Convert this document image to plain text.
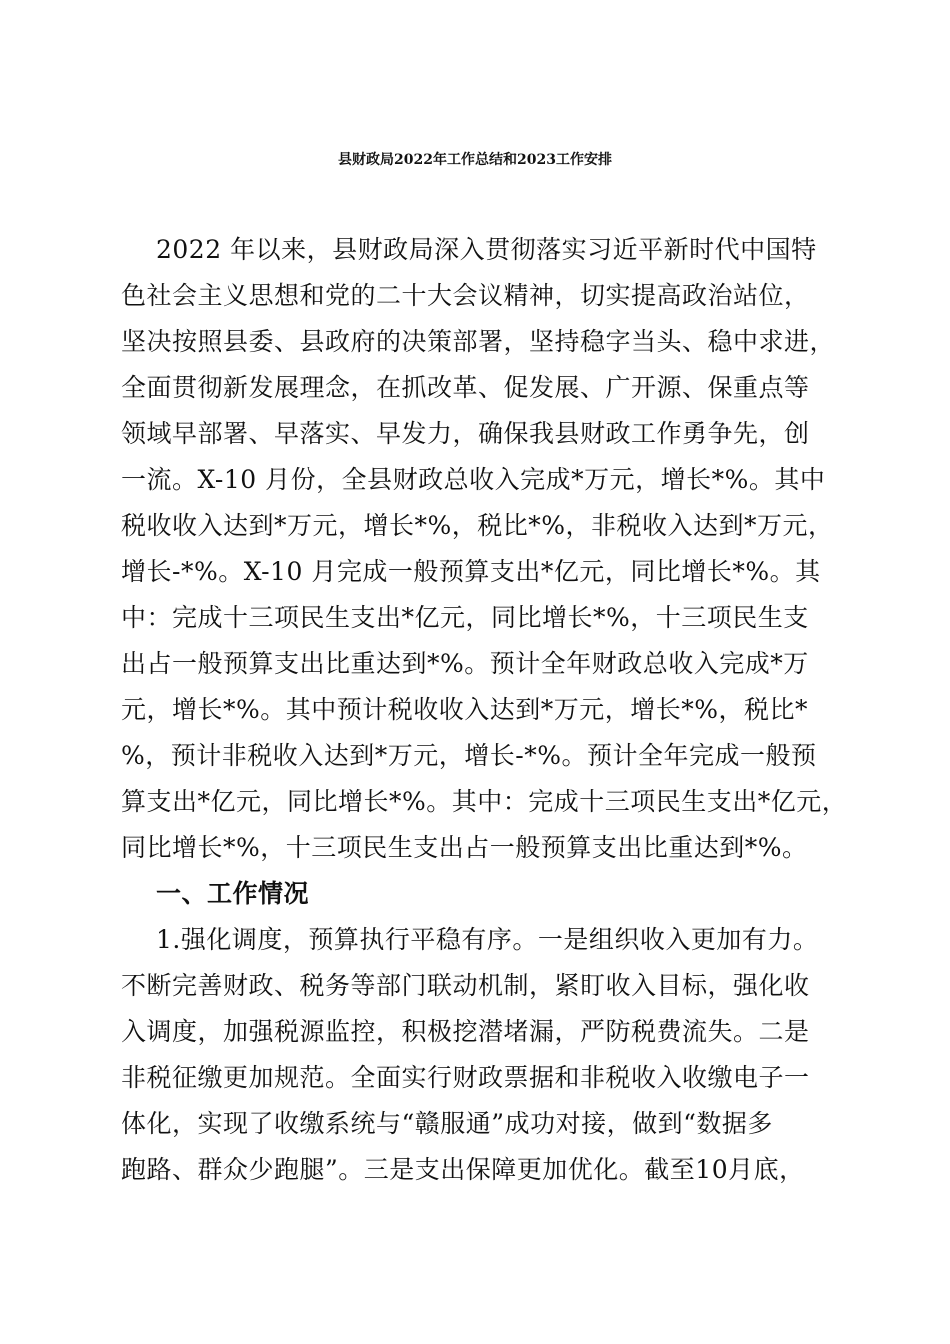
县财政局2022年工作总结和2023工作安排
2022 年以来，县财政局深入贯彻落实习近平新时代中国特
色社会主义思想和党的二十大会议精神，切实提高政治站位，
坚决按照县委、县政府的决策部署，坚持稳字当头、稳中求进，
全面贯彻新发展理念，在抓改革、促发展、广开源、保重点等
领域早部署、早落实、早发力，确保我县财政工作勇争先，创
一流。X-10 月份，全县财政总收入完成*万元，增长*%。其中
税收收入达到*万元，增长*%，税比*%，非税收入达到*万元，
增长-*%。X-10 月完成一般预算支出*亿元，同比增长*%。其
中：完成十三项民生支出*亿元，同比增长*%，十三项民生支
出占一般预算支出比重达到*%。预计全年财政总收入完成*万
元，增长*%。其中预计税收收入达到*万元，增长*%，税比*
%，预计非税收入达到*万元，增长-*%。预计全年完成一般预
算支出*亿元，同比增长*%。其中：完成十三项民生支出*亿元，
同比增长*%，十三项民生支出占一般预算支出比重达到*%。
一、工作情况
1.强化调度，预算执行平稳有序。一是组织收入更加有力。
不断完善财政、税务等部门联动机制，紧盯收入目标，强化收
入调度，加强税源监控，积极挖潜堵漏，严防税费流失。二是
非税征缴更加规范。全面实行财政票据和非税收入收缴电子一
体化，实现了收缴系统与“赣服通”成功对接，做到“数据多
跑路、群众少跑腿”。三是支出保障更加优化。截至10月底，
